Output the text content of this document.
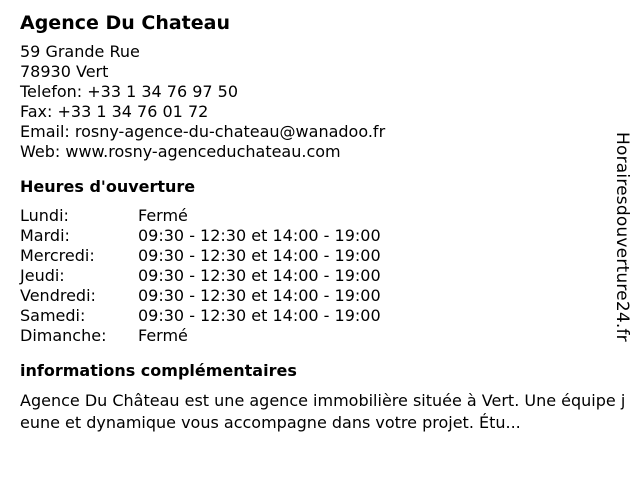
Agence Du Chateau
59 Grande Rue
78930 Vert
Telefon: +33 1 34 76 97 50
Fax: +33 1 34 76 01 72
Email: rosny-agence-du-chateau@wanadoo.fr
Web: www.rosny-agenceduchateau.com
Heures d'ouverture
Lundi:	Fermé
Mardi:	09:30 - 12:30 et 14:00 - 19:00
Mercredi:	09:30 - 12:30 et 14:00 - 19:00
Jeudi:	09:30 - 12:30 et 14:00 - 19:00
Vendredi:	09:30 - 12:30 et 14:00 - 19:00
Samedi:	09:30 - 12:30 et 14:00 - 19:00
Dimanche:	Fermé
informations complémentaires
Agence Du Château est une agence immobilière située à Vert. Une équipe jeune et dynamique vous accompagne dans votre projet. Étu...
Horairesdouverture24.fr
